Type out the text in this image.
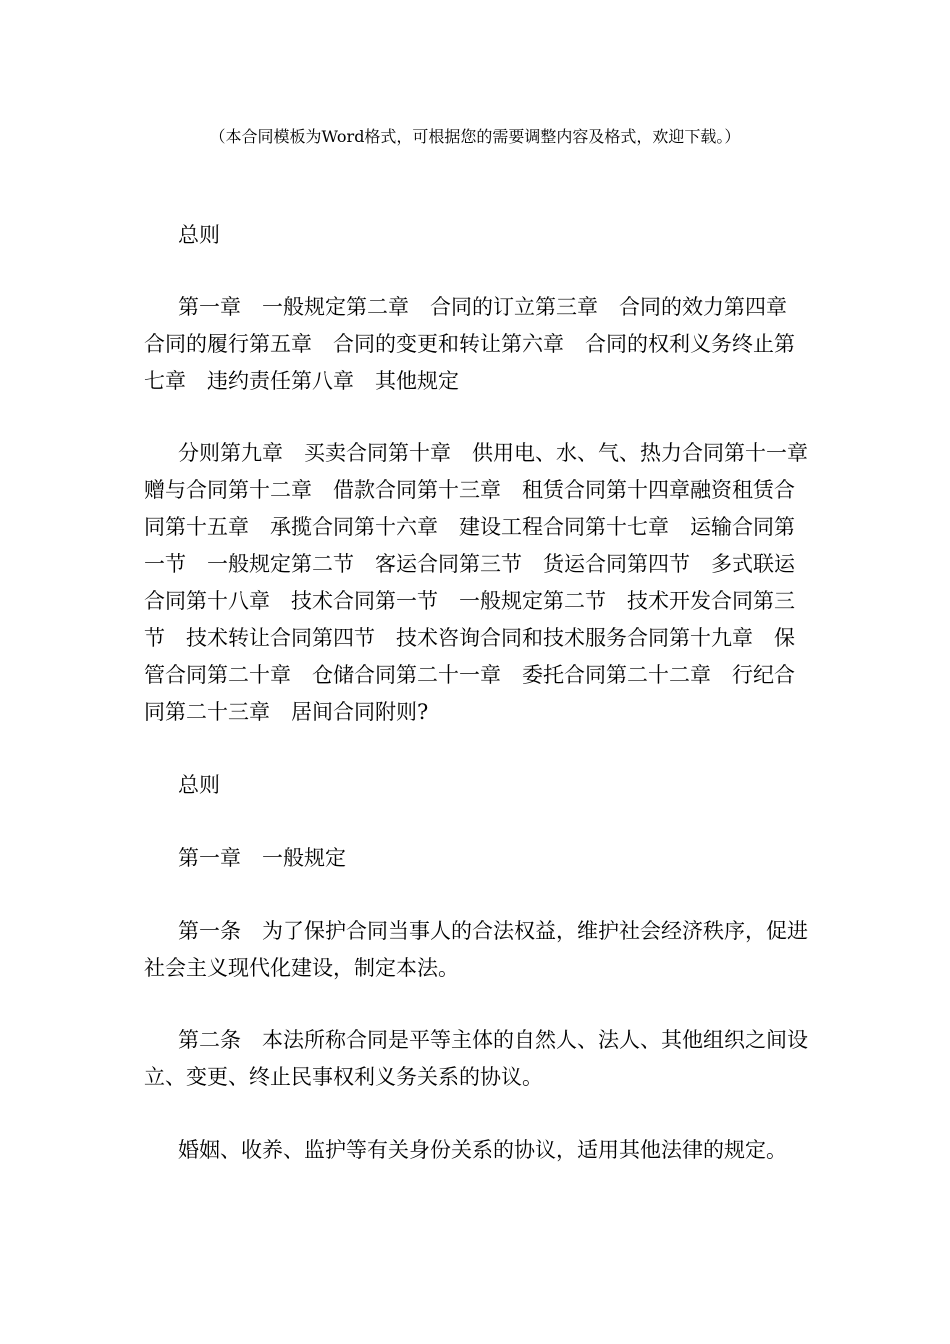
（本合同模板为Word格式，可根据您的需要调整内容及格式，欢迎下载。）
总则
第一章　一般规定第二章　合同的订立第三章　合同的效力第四章　合同的履行第五章　合同的变更和转让第六章　合同的权利义务终止第七章　违约责任第八章　其他规定
分则第九章　买卖合同第十章　供用电、水、气、热力合同第十一章　赠与合同第十二章　借款合同第十三章　租赁合同第十四章融资租赁合同第十五章　承揽合同第十六章　建设工程合同第十七章　运输合同第一节　一般规定第二节　客运合同第三节　货运合同第四节　多式联运合同第十八章　技术合同第一节　一般规定第二节　技术开发合同第三节　技术转让合同第四节　技术咨询合同和技术服务合同第十九章　保管合同第二十章　仓储合同第二十一章　委托合同第二十二章　行纪合同第二十三章　居间合同附则?
总则
第一章　一般规定
第一条　为了保护合同当事人的合法权益，维护社会经济秩序，促进社会主义现代化建设，制定本法。
第二条　本法所称合同是平等主体的自然人、法人、其他组织之间设立、变更、终止民事权利义务关系的协议。
婚姻、收养、监护等有关身份关系的协议，适用其他法律的规定。
